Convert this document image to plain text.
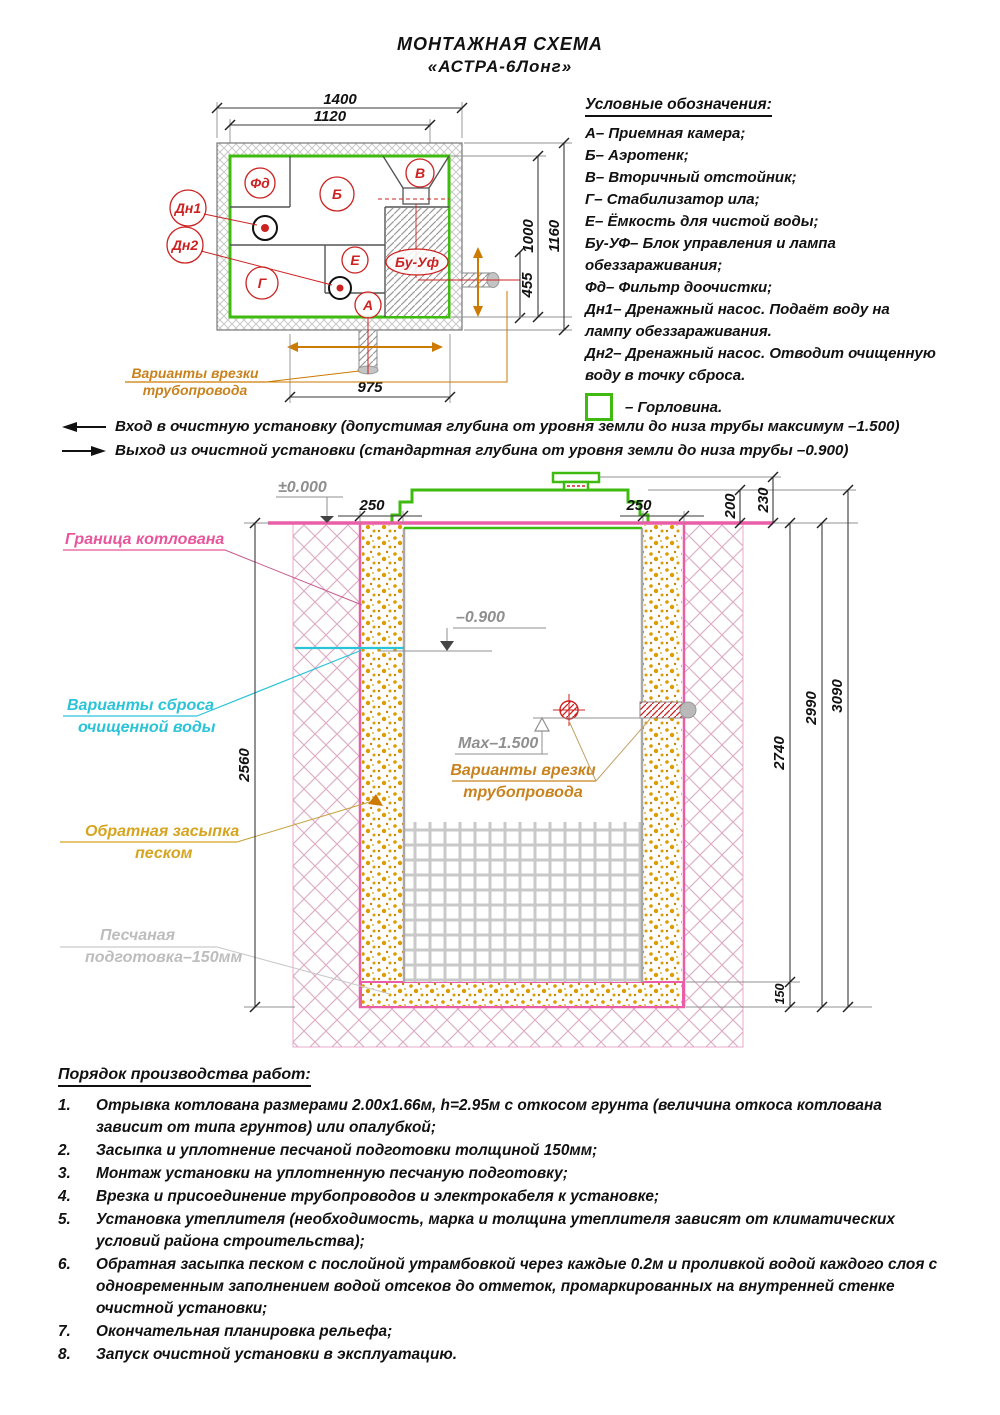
МОНТАЖНАЯ СХЕМА
«АСТРА-6Лонг»
1400
1120
Фд
Б
В
Г
Е
А
Бу-Уф
Дн1
Дн2
455
1000 1160
975
Варианты врезки
трубопровода
Условные обозначения:
А– Приемная камера;
Б– Аэротенк;
В– Вторичный отстойник;
Г– Стабилизатор ила;
Е– Ёмкость для чистой воды;
Бу-УФ– Блок управления и лампа обеззараживания;
Фд– Фильтр доочистки;
Дн1– Дренажный насос. Подаёт воду на лампу обеззараживания.
Дн2– Дренажный насос. Отводит очищенную воду в точку сброса.
– Горловина.
Вход в очистную установку (допустимая глубина от уровня земли до низа трубы максимум –1.500)
Выход из очистной установки (стандартная глубина от уровня земли до низа трубы –0.900)
±0.000
–0.900
Мах–1.500
Варианты врезки
трубопровода
Граница котлована
Варианты сброса
очищенной воды
Обратная засыпка
песком
Песчаная
подготовка–150мм
250	250	200 230
2560	2740
150
2990 3090
Порядок производства работ:
1.	Отрывка котлована размерами 2.00х1.66м, h=2.95м с откосом грунта (величина откоса котлована зависит от типа грунтов) или опалубкой;
2.	Засыпка и уплотнение песчаной подготовки толщиной 150мм;
3.	Монтаж установки на уплотненную песчаную подготовку;
4.	Врезка и присоединение трубопроводов и электрокабеля к установке;
5.	Установка утеплителя (необходимость, марка и толщина утеплителя зависят от климатических условий района строительства);
6.	Обратная засыпка песком с послойной утрамбовкой через каждые 0.2м и проливкой водой каждого слоя с одновременным заполнением водой отсеков до отметок, промаркированных на внутренней стенке очистной установки;
7.	Окончательная планировка рельефа;
8.	Запуск очистной установки в эксплуатацию.
